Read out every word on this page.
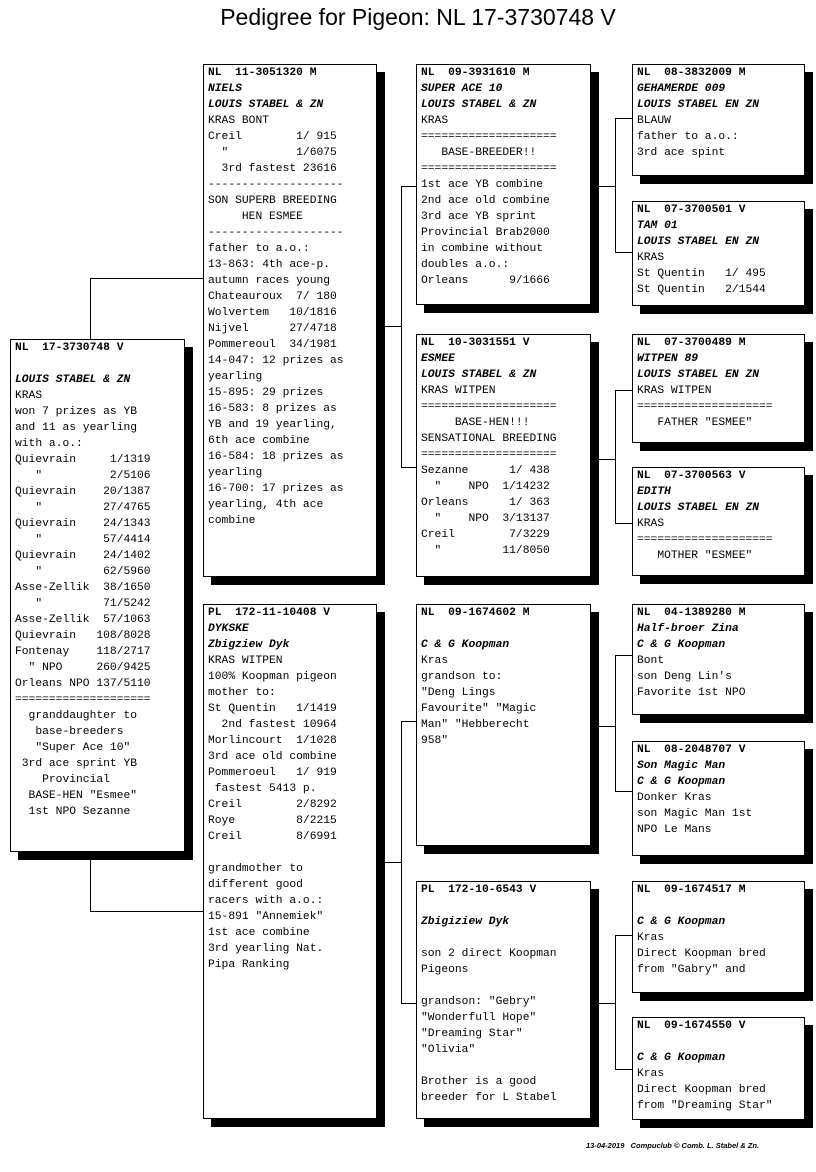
Pedigree for Pigeon: NL 17-3730748 V
NL  17-3730748 V
LOUIS STABEL & ZN
KRAS
won 7 prizes as YB
and 11 as yearling
with a.o.:
Quievrain     1/1319
"          2/5106
Quievrain    20/1387
"         27/4765
Quievrain    24/1343
"         57/4414
Quievrain    24/1402
"         62/5960
Asse-Zellik  38/1650
"         71/5242
Asse-Zellik  57/1063
Quievrain   108/8028
Fontenay    118/2717
" NPO     260/9425
Orleans NPO 137/5110
====================
granddaughter to
base-breeders
"Super Ace 10"
3rd ace sprint YB
Provincial
BASE-HEN "Esmee"
1st NPO Sezanne
NL  11-3051320 M
NIELS
LOUIS STABEL & ZN
KRAS BONT
Creil        1/ 915
"          1/6075
3rd fastest 23616
--------------------
SON SUPERB BREEDING
HEN ESMEE
--------------------
father to a.o.:
13-863: 4th ace-p.
autumn races young
Chateauroux  7/ 180
Wolvertem   10/1816
Nijvel      27/4718
Pommereoul  34/1981
14-047: 12 prizes as
yearling
15-895: 29 prizes
16-583: 8 prizes as
YB and 19 yearling,
6th ace combine
16-584: 18 prizes as
yearling
16-700: 17 prizes as
yearling, 4th ace
combine
PL  172-11-10408 V
DYKSKE
Zbigziew Dyk
KRAS WITPEN
100% Koopman pigeon
mother to:
St Quentin   1/1419
2nd fastest 10964
Morlincourt  1/1028
3rd ace old combine
Pommeroeul   1/ 919
fastest 5413 p.
Creil        2/8292
Roye         8/2215
Creil        8/6991
grandmother to
different good
racers with a.o.:
15-891 "Annemiek"
1st ace combine
3rd yearling Nat.
Pipa Ranking
NL  09-3931610 M
SUPER ACE 10
LOUIS STABEL & ZN
KRAS
====================
BASE-BREEDER!!
====================
1st ace YB combine
2nd ace old combine
3rd ace YB sprint
Provincial Brab2000
in combine without
doubles a.o.:
Orleans      9/1666
NL  10-3031551 V
ESMEE
LOUIS STABEL & ZN
KRAS WITPEN
====================
BASE-HEN!!!
SENSATIONAL BREEDING
====================
Sezanne      1/ 438
"    NPO  1/14232
Orleans      1/ 363
"    NPO  3/13137
Creil        7/3229
"         11/8050
NL  09-1674602 M
C & G Koopman
Kras
grandson to:
"Deng Lings
Favourite" "Magic
Man" "Hebberecht
958"
PL  172-10-6543 V
Zbigiziew Dyk
son 2 direct Koopman
Pigeons
grandson: "Gebry"
"Wonderfull Hope"
"Dreaming Star"
"Olivia"
Brother is a good
breeder for L Stabel
NL  08-3832009 M
GEHAMERDE 009
LOUIS STABEL EN ZN
BLAUW
father to a.o.:
3rd ace spint
NL  07-3700501 V
TAM 01
LOUIS STABEL EN ZN
KRAS
St Quentin   1/ 495
St Quentin   2/1544
NL  07-3700489 M
WITPEN 89
LOUIS STABEL EN ZN
KRAS WITPEN
====================
FATHER "ESMEE"
NL  07-3700563 V
EDITH
LOUIS STABEL EN ZN
KRAS
====================
MOTHER "ESMEE"
NL  04-1389280 M
Half-broer Zina
C & G Koopman
Bont
son Deng Lin's
Favorite 1st NPO
NL  08-2048707 V
Son Magic Man
C & G Koopman
Donker Kras
son Magic Man 1st
NPO Le Mans
NL  09-1674517 M
C & G Koopman
Kras
Direct Koopman bred
from "Gabry" and
NL  09-1674550 V
C & G Koopman
Kras
Direct Koopman bred
from "Dreaming Star"
13-04-2019   Compuclub © Comb. L. Stabel & Zn.
